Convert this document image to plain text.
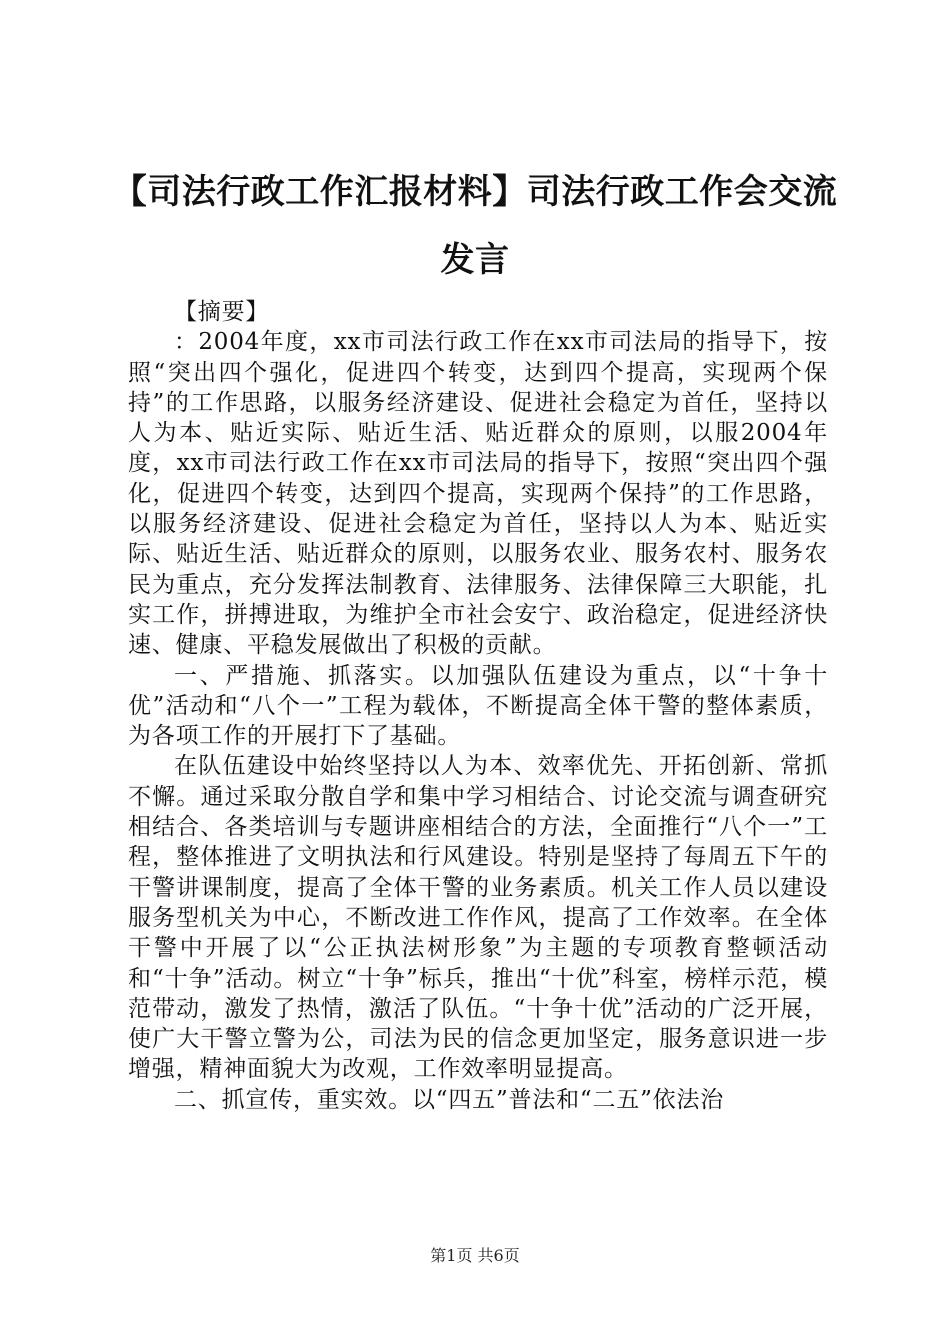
【司法行政工作汇报材料】司法行政工作会交流发言

【摘要】

：2004年度，xx市司法行政工作在xx市司法局的指导下，按照“突出四个强化，促进四个转变，达到四个提高，实现两个保持”的工作思路，以服务经济建设、促进社会稳定为首任，坚持以人为本、贴近实际、贴近生活、贴近群众的原则，以服2004年度，xx市司法行政工作在xx市司法局的指导下，按照“突出四个强化，促进四个转变，达到四个提高，实现两个保持”的工作思路，以服务经济建设、促进社会稳定为首任，坚持以人为本、贴近实际、贴近生活、贴近群众的原则，以服务农业、服务农村、服务农民为重点，充分发挥法制教育、法律服务、法律保障三大职能，扎实工作，拼搏进取，为维护全市社会安宁、政治稳定，促进经济快速、健康、平稳发展做出了积极的贡献。

一、严措施、抓落实。以加强队伍建设为重点，以“十争十优”活动和“八个一”工程为载体，不断提高全体干警的整体素质，为各项工作的开展打下了基础。

在队伍建设中始终坚持以人为本、效率优先、开拓创新、常抓不懈。通过采取分散自学和集中学习相结合、讨论交流与调查研究相结合、各类培训与专题讲座相结合的方法，全面推行“八个一”工程，整体推进了文明执法和行风建设。特别是坚持了每周五下午的干警讲课制度，提高了全体干警的业务素质。机关工作人员以建设服务型机关为中心，不断改进工作作风，提高了工作效率。在全体干警中开展了以“公正执法树形象”为主题的专项教育整顿活动和“十争”活动。树立“十争”标兵，推出“十优”科室，榜样示范，模范带动，激发了热情，激活了队伍。“十争十优”活动的广泛开展，使广大干警立警为公，司法为民的信念更加坚定，服务意识进一步增强，精神面貌大为改观，工作效率明显提高。

二、抓宣传，重实效。以“四五”普法和“二五”依法治

第1页 共6页
